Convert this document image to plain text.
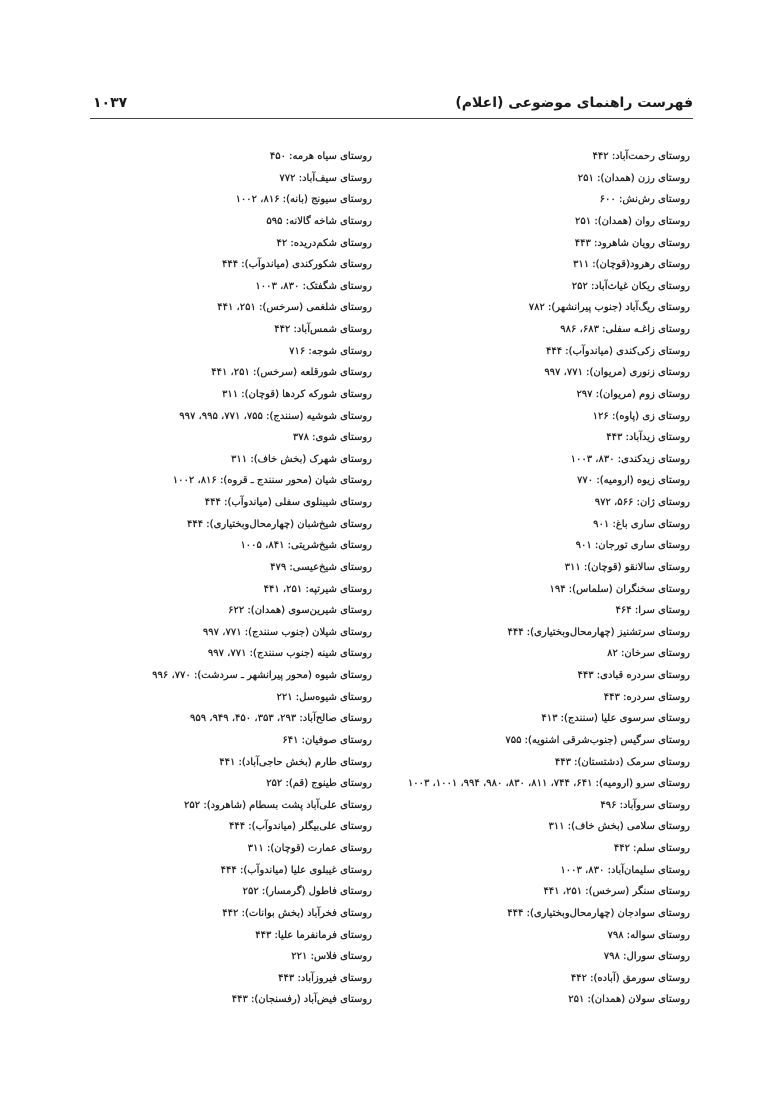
فهرست راهنمای موضوعی (اعلام)
۱۰۳۷
روستای رحمت‌آباد: ۴۴۲
روستای رزن (همدان): ۲۵۱
روستای رش‌نش: ۶۰۰
روستای روان (همدان): ۲۵۱
روستای رویان شاهرود: ۴۴۳
روستای رهرود(قوچان): ۳۱۱
روستای ریکان غیاث‌آباد: ۲۵۲
روستای ریگ‌آباد (جنوب پیرانشهر): ۷۸۲
روستای زاغـه سفلی: ۶۸۳، ۹۸۶
روستای زکی‌کندی (میاندوآب): ۴۴۴
روستای زنوری (مریوان): ۷۷۱، ۹۹۷
روستای زوم (مریوان): ۲۹۷
روستای زی (پاوه): ۱۲۶
روستای زیدآباد: ۴۴۳
روستای زیدکندی: ۸۳۰، ۱۰۰۳
روستای زیوه (ارومیه): ۷۷۰
روستای ژان: ۵۶۶، ۹۷۲
روستای ساری باغ: ۹۰۱
روستای ساری تورجان: ۹۰۱
روستای سالانقو (قوچان): ۳۱۱
روستای سخنگران (سلماس): ۱۹۴
روستای سرا: ۴۶۴
روستای سرتشنیز (چهارمحال‌وبختیاری): ۴۴۴
روستای سرخان: ۸۲
روستای سردره قبادی: ۴۴۳
روستای سردره: ۴۴۳
روستای سرسوی علیا (سنندج): ۴۱۳
روستای سرگیس (جنوب‌شرقی اشنویه): ۷۵۵
روستای سرمک (دشتستان): ۴۴۳
روستای سرو (ارومیه): ۶۴۱، ۷۴۴، ۸۱۱، ۸۳۰، ۹۸۰، ۹۹۴، ۱۰۰۱، ۱۰۰۳
روستای سروآباد: ۴۹۶
روستای سلامی (بخش خاف): ۳۱۱
روستای سلم: ۴۴۲
روستای سلیمان‌آباد: ۸۳۰، ۱۰۰۳
روستای سنگر (سرخس): ۲۵۱، ۴۴۱
روستای سوادجان (چهارمحال‌وبختیاری): ۴۴۴
روستای سواله: ۷۹۸
روستای سورال: ۷۹۸
روستای سورمق (آباده): ۴۴۲
روستای سولان (همدان): ۲۵۱
روستای سیاه هرمه: ۴۵۰
روستای سیف‌آباد: ۷۷۲
روستای سیونج (بانه): ۸۱۶، ۱۰۰۲
روستای شاخه گالانه: ۵۹۵
روستای شکم‌دریده: ۴۲
روستای شکورکندی (میاندوآب): ۴۴۴
روستای شگفتک: ۸۳۰، ۱۰۰۳
روستای شلغمی (سرخس): ۲۵۱، ۴۴۱
روستای شمس‌آباد: ۴۴۲
روستای شوجه: ۷۱۶
روستای شورقلعه (سرخس): ۲۵۱، ۴۴۱
روستای شورکه کردها (قوچان): ۳۱۱
روستای شوشیه (سنندج): ۷۵۵، ۷۷۱، ۹۹۵، ۹۹۷
روستای شوی: ۳۷۸
روستای شهرک (بخش خاف): ۳۱۱
روستای شیان (محور سنندج ـ قروه): ۸۱۶، ۱۰۰۲
روستای شیبنلوی سفلی (میاندوآب): ۴۴۴
روستای شیخ‌شبان (چهارمحال‌وبختیاری): ۴۴۴
روستای شیخ‌شریتی: ۸۴۱، ۱۰۰۵
روستای شیخ‌عیسی: ۴۷۹
روستای شیرتپه: ۲۵۱، ۴۴۱
روستای شیرین‌سوی (همدان): ۶۲۲
روستای شیلان (جنوب سنندج): ۷۷۱، ۹۹۷
روستای شینه (جنوب سنندج): ۷۷۱، ۹۹۷
روستای شیوه (محور پیرانشهر ـ سردشت): ۷۷۰، ۹۹۶
روستای شیوه‌سل: ۲۲۱
روستای صالح‌آباد: ۲۹۳، ۳۵۳، ۴۵۰، ۹۴۹، ۹۵۹
روستای صوفیان: ۶۴۱
روستای طارم (بخش حاجی‌آباد): ۴۴۱
روستای طینوج (قم): ۲۵۲
روستای علی‌آباد پشت بسطام (شاهرود): ۲۵۲
روستای علی‌بیگلر (میاندوآب): ۴۴۴
روستای عمارت (قوچان): ۳۱۱
روستای غیبلوی علیا (میاندوآب): ۴۴۴
روستای فاطول (گرمسار): ۲۵۲
روستای فخرآباد (بخش بوانات): ۴۴۲
روستای فرمانفرما علیا: ۴۴۳
روستای فلاس: ۲۲۱
روستای فیروزآباد: ۴۴۳
روستای فیض‌آباد (رفسنجان): ۴۴۳
